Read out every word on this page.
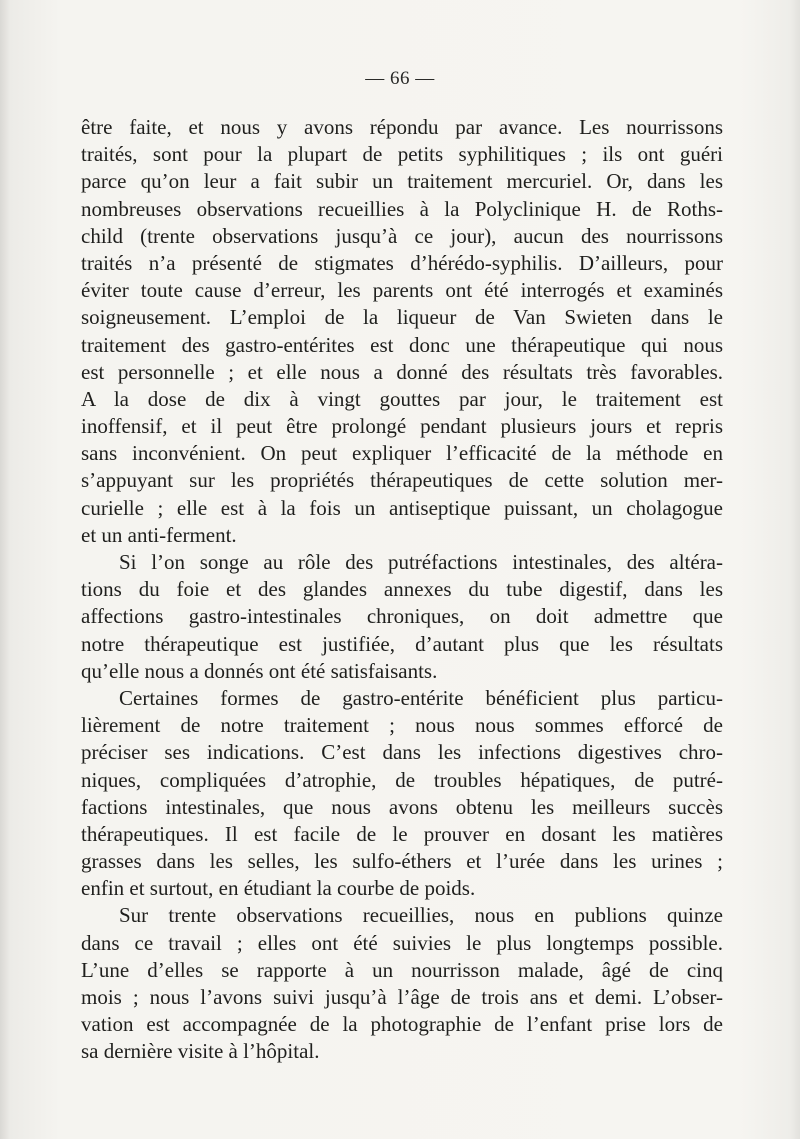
— 66 —
être faite, et nous y avons répondu par avance. Les nourrissons
traités, sont pour la plupart de petits syphilitiques ; ils ont guéri
parce qu’on leur a fait subir un traitement mercuriel. Or, dans les
nombreuses observations recueillies à la Polyclinique H. de Roths-
child (trente observations jusqu’à ce jour), aucun des nourrissons
traités n’a présenté de stigmates d’hérédo-syphilis. D’ailleurs, pour
éviter toute cause d’erreur, les parents ont été interrogés et examinés
soigneusement. L’emploi de la liqueur de Van Swieten dans le
traitement des gastro-entérites est donc une thérapeutique qui nous
est personnelle ; et elle nous a donné des résultats très favorables.
A la dose de dix à vingt gouttes par jour, le traitement est
inoffensif, et il peut être prolongé pendant plusieurs jours et repris
sans inconvénient. On peut expliquer l’efficacité de la méthode en
s’appuyant sur les propriétés thérapeutiques de cette solution mer-
curielle ; elle est à la fois un antiseptique puissant, un cholagogue
et un anti-ferment.
Si l’on songe au rôle des putréfactions intestinales, des altéra-
tions du foie et des glandes annexes du tube digestif, dans les
affections gastro-intestinales chroniques, on doit admettre que
notre thérapeutique est justifiée, d’autant plus que les résultats
qu’elle nous a donnés ont été satisfaisants.
Certaines formes de gastro-entérite bénéficient plus particu-
lièrement de notre traitement ; nous nous sommes efforcé de
préciser ses indications. C’est dans les infections digestives chro-
niques, compliquées d’atrophie, de troubles hépatiques, de putré-
factions intestinales, que nous avons obtenu les meilleurs succès
thérapeutiques. Il est facile de le prouver en dosant les matières
grasses dans les selles, les sulfo-éthers et l’urée dans les urines ;
enfin et surtout, en étudiant la courbe de poids.
Sur trente observations recueillies, nous en publions quinze
dans ce travail ; elles ont été suivies le plus longtemps possible.
L’une d’elles se rapporte à un nourrisson malade, âgé de cinq
mois ; nous l’avons suivi jusqu’à l’âge de trois ans et demi. L’obser-
vation est accompagnée de la photographie de l’enfant prise lors de
sa dernière visite à l’hôpital.
